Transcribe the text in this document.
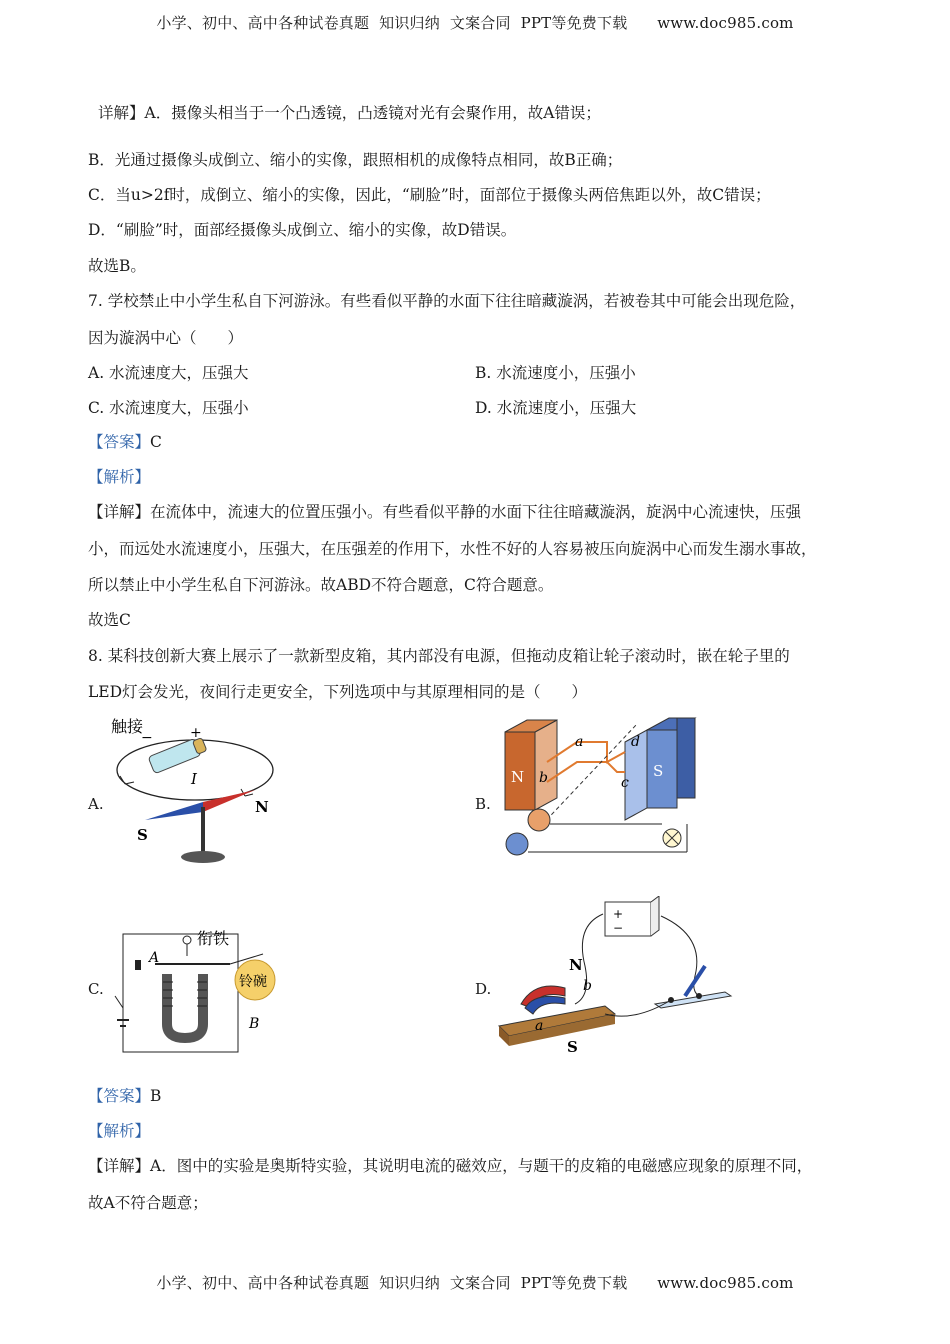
小学、初中、高中各种试卷真题  知识归纳  文案合同  PPT等免费下载      www.doc985.com
详解】A．摄像头相当于一个凸透镜，凸透镜对光有会聚作用，故A错误；
B．光通过摄像头成倒立、缩小的实像，跟照相机的成像特点相同，故B正确；
C．当u>2f时，成倒立、缩小的实像，因此，“刷脸”时，面部位于摄像头两倍焦距以外，故C错误；
D．“刷脸”时，面部经摄像头成倒立、缩小的实像，故D错误。
故选B。
7. 学校禁止中小学生私自下河游泳。有些看似平静的水面下往往暗藏漩涡，若被卷其中可能会出现危险，
因为漩涡中心（　　）
A. 水流速度大，压强大	B. 水流速度小，压强小
C. 水流速度大，压强小	D. 水流速度小，压强大
【答案】C
【解析】
【详解】在流体中，流速大的位置压强小。有些看似平静的水面下往往暗藏漩涡，旋涡中心流速快，压强
小，而远处水流速度小，压强大，在压强差的作用下，水性不好的人容易被压向旋涡中心而发生溺水事故，
所以禁止中小学生私自下河游泳。故ABD不符合题意，C符合题意。
故选C
8. 某科技创新大赛上展示了一款新型皮箱，其内部没有电源，但拖动皮箱让轮子滚动时，嵌在轮子里的
LED灯会发光，夜间行走更安全，下列选项中与其原理相同的是（　　）
A.	B.
C.	D.
触接
−	+
I
N
S
N	S
a
b	c
d
衔铁
A
铃碗
B
+
−
N
S
b
a
【答案】B
【解析】
【详解】A．图中的实验是奥斯特实验，其说明电流的磁效应，与题干的皮箱的电磁感应现象的原理不同，
故A不符合题意；
小学、初中、高中各种试卷真题  知识归纳  文案合同  PPT等免费下载      www.doc985.com
